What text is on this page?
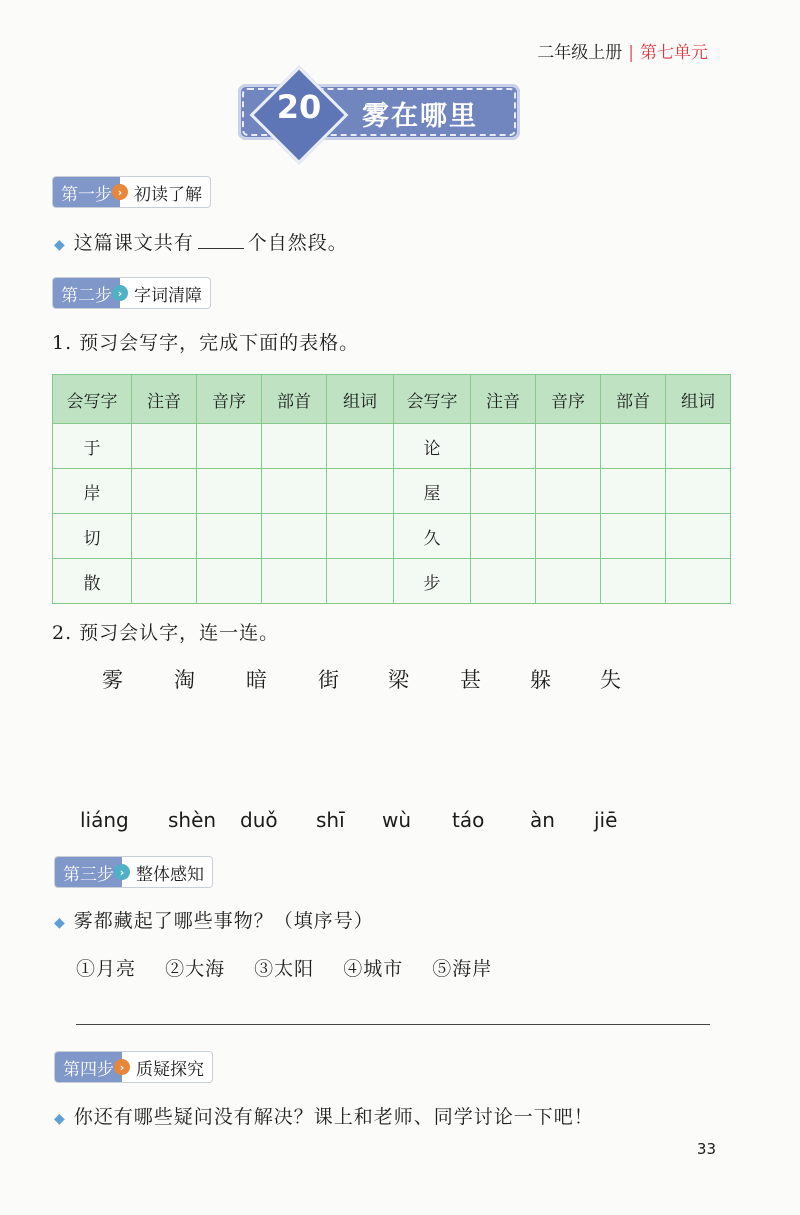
二年级上册 | 第七单元
20	雾在哪里
第一步 › 初读了解
◆ 这篇课文共有	个自然段。
第二步 › 字词清障
1. 预习会写字，完成下面的表格。
会写字	注音	音序	部首	组词	会写字	注音	音序	部首	组词
于					论				
岸					屋				
切					久				
散					步				
2. 预习会认字，连一连。
雾 淘 暗 街 梁 甚 躲 失
liáng shèn duǒ shī wù táo àn jiē
第三步 › 整体感知
◆ 雾都藏起了哪些事物？（填序号）
①月亮 ②大海 ③太阳 ④城市 ⑤海岸
第四步 › 质疑探究
◆ 你还有哪些疑问没有解决？课上和老师、同学讨论一下吧！
33
